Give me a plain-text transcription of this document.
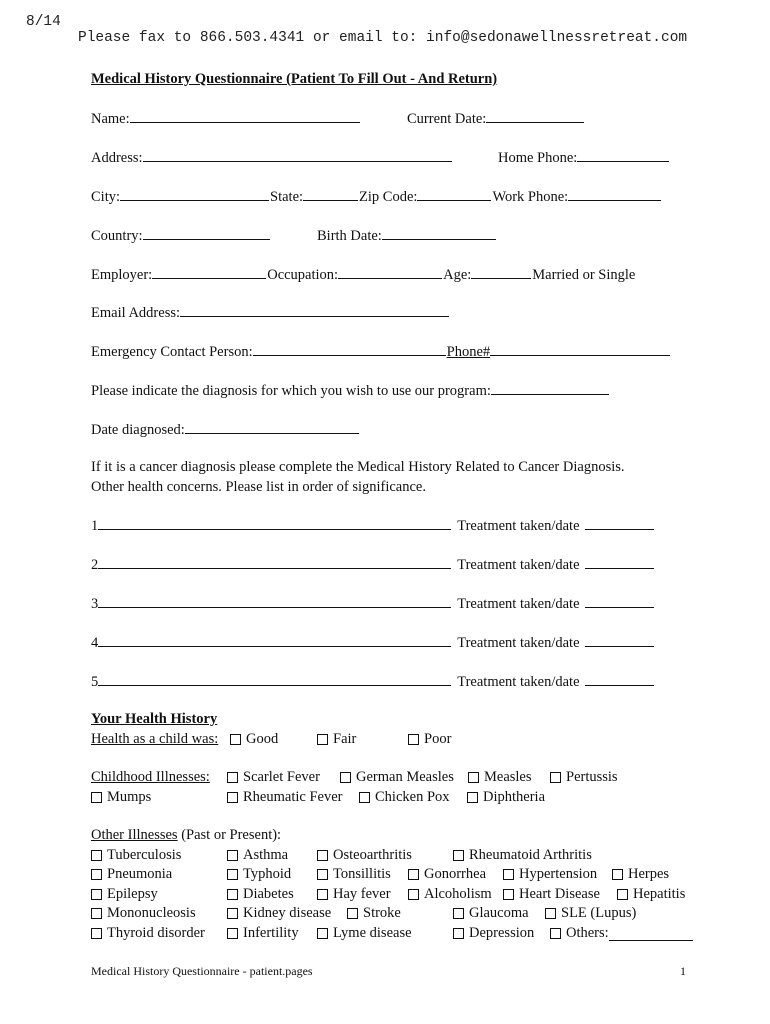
8/14
Please fax to 866.503.4341 or email to: info@sedonawellnessretreat.com
Medical History Questionnaire (Patient To Fill Out - And Return)
Name:	Current Date:
Address:	Home Phone:
City:	State:	Zip Code:	Work Phone:
Country:	Birth Date:
Employer:	Occupation:	Age:	Married or Single
Email Address:
Emergency Contact Person:	Phone#
Please indicate the diagnosis for which you wish to use our program:
Date diagnosed:
If it is a cancer diagnosis please complete the Medical History Related to Cancer Diagnosis.
Other health concerns. Please list in order of significance.
1	Treatment taken/date
2	Treatment taken/date
3	Treatment taken/date
4	Treatment taken/date
5	Treatment taken/date
Your Health History
Health as a child was: Good	Fair	Poor
Childhood Illnesses: Scarlet Fever German Measles Measles Pertussis
Mumps	Rheumatic Fever Chicken Pox Diphtheria
Other Illnesses (Past or Present):
Tuberculosis	Asthma	Osteoarthritis	Rheumatoid Arthritis
Pneumonia	Typhoid	Tonsillitis Gonorrhea Hypertension Herpes
Epilepsy	Diabetes	Hay fever Alcoholism Heart Disease Hepatitis
Mononucleosis	Kidney disease Stroke	Glaucoma SLE (Lupus)
Thyroid disorder	Infertility Lyme disease	Depression Others:
Medical History Questionnaire - patient.pages	1
